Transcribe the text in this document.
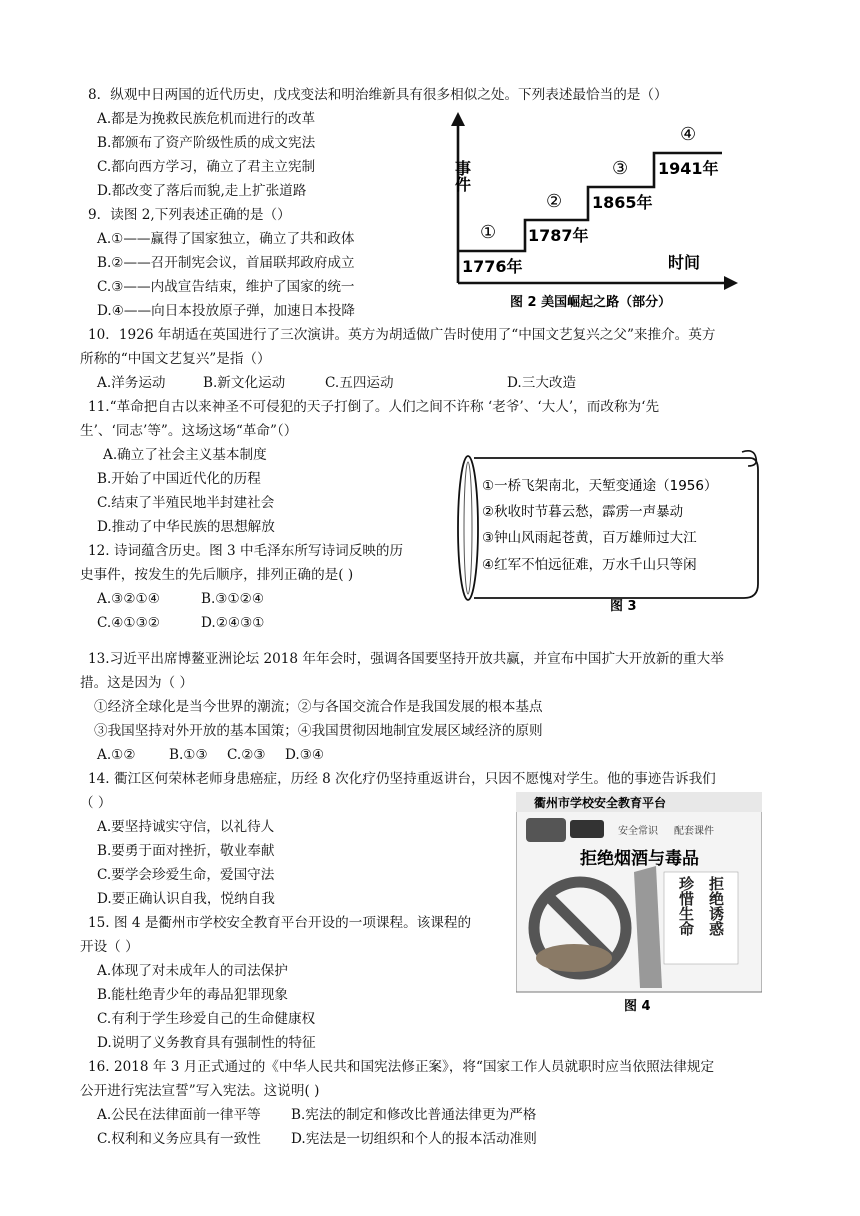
8．纵观中日两国的近代历史，戊戌变法和明治维新具有很多相似之处。下列表述最恰当的是（）
A.都是为挽救民族危机而进行的改革
B.都颁布了资产阶级性质的成文宪法
C.都向西方学习，确立了君主立宪制
D.都改变了落后而貌,走上扩张道路
9．读图 2,下列表述正确的是（）
A.①——赢得了国家独立，确立了共和政体
B.②——召开制宪会议，首届联邦政府成立
C.③——内战宣告结束，维护了国家的统一
D.④——向日本投放原子弹，加速日本投降
事件
时间
①
1776年
②
1787年
③
1865年
④
1941年
图 2 美国崛起之路（部分）
10．1926 年胡适在英国进行了三次演讲。英方为胡适做广告时使用了“中国文艺复兴之父”来推介。英方
所称的“中国文艺复兴”是指（）
A.洋务运动	B.新文化运动	C.五四运动	D.三大改造
11.“革命把自古以来神圣不可侵犯的天子打倒了。人们之间不许称 ‘老爷’、‘大人’，而改称为‘先
生’、‘同志’等”。这场这场“革命”（）
A.确立了社会主义基本制度
B.开始了中国近代化的历程
C.结束了半殖民地半封建社会
D.推动了中华民族的思想解放
①一桥飞架南北，天堑变通途（1956）
②秋收时节暮云愁，霹雳一声暴动
③钟山风雨起苍黄，百万雄师过大江
④红军不怕远征难，万水千山只等闲
图 3
12. 诗词蕴含历史。图 3 中毛泽东所写诗词反映的历
史事件，按发生的先后顺序，排列正确的是( )
A.③②①④	B.③①②④
C.④①③②	D.②④③①
13.习近平出席博鳌亚洲论坛 2018 年年会时，强调各国要坚持开放共赢，并宣布中国扩大开放新的重大举
措。这是因为（ ）
①经济全球化是当今世界的潮流；②与各国交流合作是我国发展的根本基点
③我国坚持对外开放的基本国策；④我国贯彻因地制宜发展区域经济的原则
A.①② B.①③ C.②③ D.③④
14. 衢江区何荣林老师身患癌症，历经 8 次化疗仍坚持重返讲台，只因不愿愧对学生。他的事迹告诉我们
（ ）
A.要坚持诚实守信，以礼待人
B.要勇于面对挫折，敬业奉献
C.要学会珍爱生命，爱国守法
D.要正确认识自我，悦纳自我
衢州市学校安全教育平台
安全常识 配套课件
拒绝烟酒与毒品
拒绝诱惑
珍惜生命
图 4
15. 图 4 是衢州市学校安全教育平台开设的一项课程。该课程的
开设（ ）
A.体现了对未成年人的司法保护
B.能杜绝青少年的毒品犯罪现象
C.有利于学生珍爱自己的生命健康权
D.说明了义务教育具有强制性的特征
16. 2018 年 3 月正式通过的《中华人民共和国宪法修正案》，将“国家工作人员就职时应当依照法律规定
公开进行宪法宣誓”写入宪法。这说明( )
A.公民在法律面前一律平等 B.宪法的制定和修改比普通法律更为严格
C.权利和义务应具有一致性 D.宪法是一切组织和个人的报本活动准则
